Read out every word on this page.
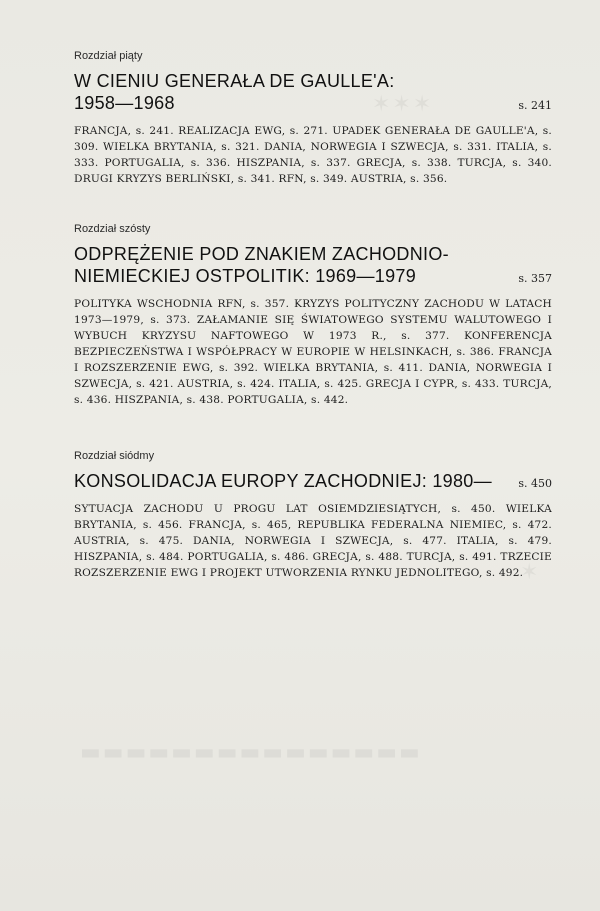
✶✶✶
✶
▬▬▬▬▬▬▬▬▬▬▬▬▬▬▬
Rozdział piąty
W CIENIU GENERAŁA DE GAULLE'A:
1958—1968	s. 241
FRANCJA, s. 241. REALIZACJA EWG, s. 271. UPADEK GENERAŁA DE GAULLE'A, s. 309. WIELKA BRYTANIA, s. 321. DANIA, NORWEGIA I SZWECJA, s. 331. ITALIA, s. 333. PORTUGALIA, s. 336. HISZPANIA, s. 337. GRECJA, s. 338. TURCJA, s. 340. DRUGI KRYZYS BERLIŃSKI, s. 341. RFN, s. 349. AUSTRIA, s. 356.
Rozdział szósty
ODPRĘŻENIE POD ZNAKIEM ZACHODNIO-
NIEMIECKIEJ OSTPOLITIK: 1969—1979	s. 357
POLITYKA WSCHODNIA RFN, s. 357. KRYZYS POLITYCZNY ZACHODU W LATACH 1973—1979, s. 373. ZAŁAMANIE SIĘ ŚWIATOWEGO SYSTEMU WALUTOWEGO I WYBUCH KRYZYSU NAFTOWEGO W 1973 R., s. 377. KONFERENCJA BEZPIECZEŃSTWA I WSPÓŁPRACY W EUROPIE W HELSINKACH, s. 386. FRANCJA I ROZSZERZENIE EWG, s. 392. WIELKA BRYTANIA, s. 411. DANIA, NORWEGIA I SZWECJA, s. 421. AUSTRIA, s. 424. ITALIA, s. 425. GRECJA I CYPR, s. 433. TURCJA, s. 436. HISZPANIA, s. 438. PORTUGALIA, s. 442.
Rozdział siódmy
KONSOLIDACJA EUROPY ZACHODNIEJ: 1980— s. 450
SYTUACJA ZACHODU U PROGU LAT OSIEMDZIESIĄTYCH, s. 450. WIELKA BRYTANIA, s. 456. FRANCJA, s. 465, REPUBLIKA FEDERALNA NIEMIEC, s. 472. AUSTRIA, s. 475. DANIA, NORWEGIA I SZWECJA, s. 477. ITALIA, s. 479. HISZPANIA, s. 484. PORTUGALIA, s. 486. GRECJA, s. 488. TURCJA, s. 491. TRZECIE ROZSZERZENIE EWG I PROJEKT UTWORZENIA RYNKU JEDNOLITEGO, s. 492.
